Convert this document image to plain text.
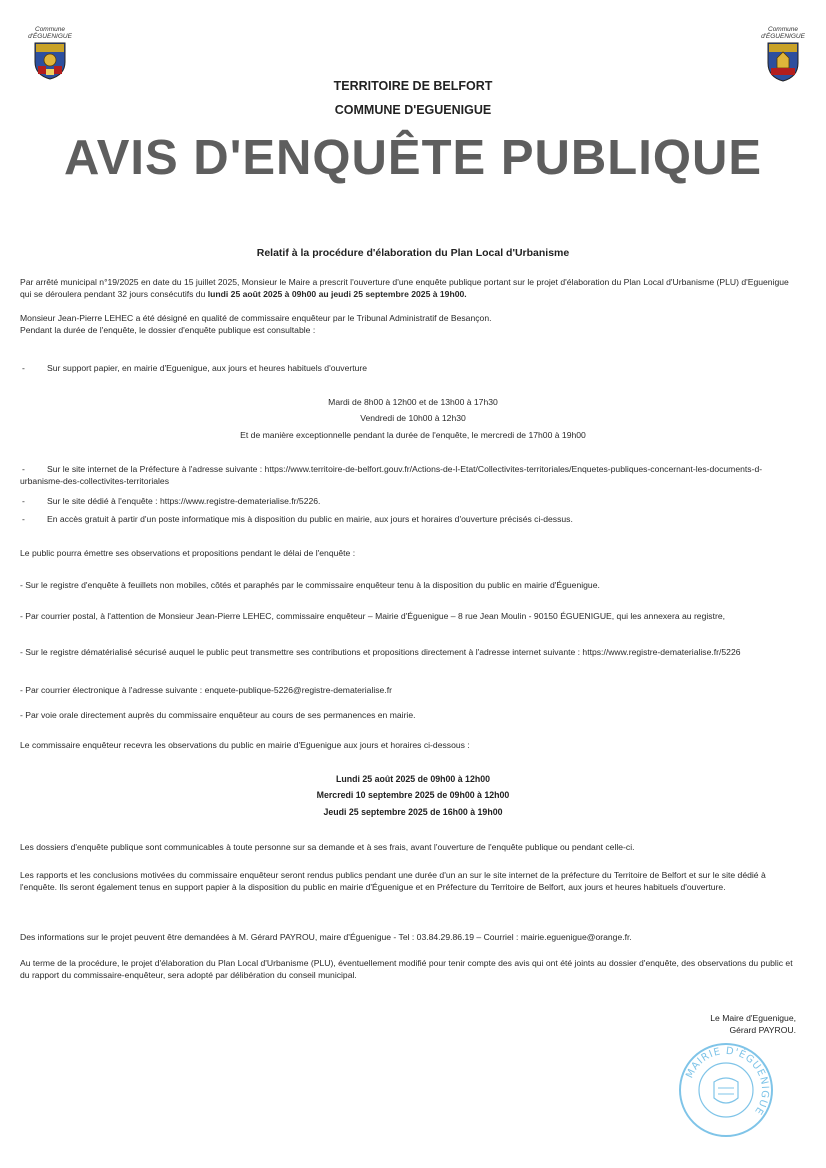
Commune
d'ÉGUENIGUE
Commune
d'ÉGUENIGUE
TERRITOIRE DE BELFORT
COMMUNE D'EGUENIGUE
AVIS D'ENQUÊTE PUBLIQUE
Relatif à la procédure d'élaboration du Plan Local d'Urbanisme
Par arrêté municipal n°19/2025 en date du 15 juillet 2025, Monsieur le Maire a prescrit l'ouverture d'une enquête publique portant sur le projet d'élaboration du Plan Local d'Urbanisme (PLU) d'Eguenigue qui se déroulera pendant 32 jours consécutifs du lundi 25 août 2025 à 09h00 au jeudi 25 septembre 2025 à 19h00.
Monsieur Jean-Pierre LEHEC a été désigné en qualité de commissaire enquêteur par le Tribunal Administratif de Besançon.
Pendant la durée de l'enquête, le dossier d'enquête publique est consultable :
-	Sur support papier, en mairie d'Eguenigue, aux jours et heures habituels d'ouverture
Mardi de 8h00 à 12h00 et de 13h00 à 17h30
Vendredi de 10h00 à 12h30
Et de manière exceptionnelle pendant la durée de l'enquête, le mercredi de 17h00 à 19h00
-	Sur le site internet de la Préfecture à l'adresse suivante : https://www.territoire-de-belfort.gouv.fr/Actions-de-l-Etat/Collectivites-territoriales/Enquetes-publiques-concernant-les-documents-d-urbanisme-des-collectivites-territoriales
-	Sur le site dédié à l'enquête : https://www.registre-dematerialise.fr/5226.
-	En accès gratuit à partir d'un poste informatique mis à disposition du public en mairie, aux jours et horaires d'ouverture précisés ci-dessus.
Le public pourra émettre ses observations et propositions pendant le délai de l'enquête :
- Sur le registre d'enquête à feuillets non mobiles, côtés et paraphés par le commissaire enquêteur tenu à la disposition du public en mairie d'Éguenigue.
- Par courrier postal, à l'attention de Monsieur Jean-Pierre LEHEC, commissaire enquêteur – Mairie d'Éguenigue – 8 rue Jean Moulin - 90150 ÉGUENIGUE, qui les annexera au registre,
- Sur le registre dématérialisé sécurisé auquel le public peut transmettre ses contributions et propositions directement à l'adresse internet suivante : https://www.registre-dematerialise.fr/5226
- Par courrier électronique à l'adresse suivante : enquete-publique-5226@registre-dematerialise.fr
- Par voie orale directement auprès du commissaire enquêteur au cours de ses permanences en mairie.
Le commissaire enquêteur recevra les observations du public en mairie d'Eguenigue aux jours et horaires ci-dessous :
Lundi 25 août 2025 de 09h00 à 12h00
Mercredi 10 septembre 2025 de 09h00 à 12h00
Jeudi 25 septembre 2025 de 16h00 à 19h00
Les dossiers d'enquête publique sont communicables à toute personne sur sa demande et à ses frais, avant l'ouverture de l'enquête publique ou pendant celle-ci.
Les rapports et les conclusions motivées du commissaire enquêteur seront rendus publics pendant une durée d'un an sur le site internet de la préfecture du Territoire de Belfort et sur le site dédié à l'enquête. Ils seront également tenus en support papier à la disposition du public en mairie d'Éguenigue et en Préfecture du Territoire de Belfort, aux jours et heures habituels d'ouverture.
Des informations sur le projet peuvent être demandées à M. Gérard PAYROU, maire d'Éguenigue - Tel : 03.84.29.86.19 – Courriel : mairie.eguenigue@orange.fr.
Au terme de la procédure, le projet d'élaboration du Plan Local d'Urbanisme (PLU), éventuellement modifié pour tenir compte des avis qui ont été joints au dossier d'enquête, des observations du public et du rapport du commissaire-enquêteur, sera adopté par délibération du conseil municipal.
Le Maire d'Eguenigue,
Gérard PAYROU.
MAIRIE D'ÉGUENIGUE
